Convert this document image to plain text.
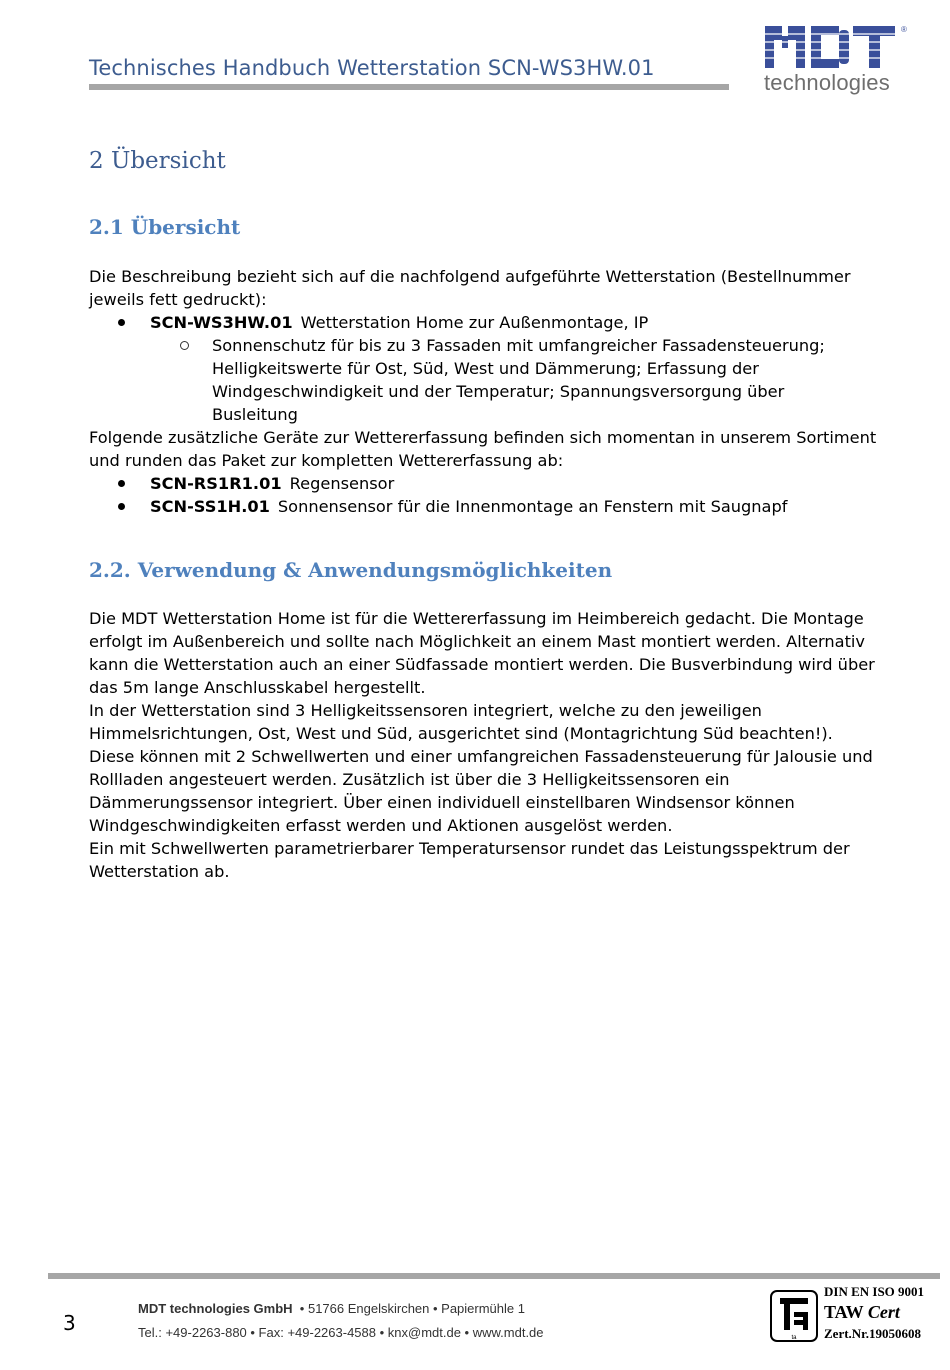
Technisches Handbuch Wetterstation SCN-WS3HW.01
®
technologies
2 Übersicht
2.1 Übersicht
Die Beschreibung bezieht sich auf die nachfolgend aufgeführte Wetterstation (Bestellnummer jeweils fett gedruckt):
SCN-WS3HW.01 Wetterstation Home zur Außenmontage, IP
Sonnenschutz für bis zu 3 Fassaden mit umfangreicher Fassadensteuerung; Helligkeitswerte für Ost, Süd, West und Dämmerung; Erfassung der Windgeschwindigkeit und der Temperatur; Spannungsversorgung über Busleitung
Folgende zusätzliche Geräte zur Wettererfassung befinden sich momentan in unserem Sortiment und runden das Paket zur kompletten Wettererfassung ab:
SCN-RS1R1.01 Regensensor
SCN-SS1H.01 Sonnensensor für die Innenmontage an Fenstern mit Saugnapf
2.2. Verwendung & Anwendungsmöglichkeiten

Die MDT Wetterstation Home ist für die Wettererfassung im Heimbereich gedacht. Die Montage erfolgt im Außenbereich und sollte nach Möglichkeit an einem Mast montiert werden. Alternativ kann die Wetterstation auch an einer Südfassade montiert werden. Die Busverbindung wird über das 5m lange Anschlusskabel hergestellt.

In der Wetterstation sind 3 Helligkeitssensoren integriert, welche zu den jeweiligen Himmelsrichtungen, Ost, West und Süd, ausgerichtet sind (Montagrichtung Süd beachten!). Diese können mit 2 Schwellwerten und einer umfangreichen Fassadensteuerung für Jalousie und Rollladen angesteuert werden. Zusätzlich ist über die 3 Helligkeitssensoren ein Dämmerungssensor integriert. Über einen individuell einstellbaren Windsensor können Windgeschwindigkeiten erfasst werden und Aktionen ausgelöst werden.

Ein mit Schwellwerten parametrierbarer Temperatursensor rundet das Leistungsspektrum der Wetterstation ab.

3
MDT technologies GmbH • 51766 Engelskirchen • Papiermühle 1
Tel.: +49-2263-880 • Fax: +49-2263-4588 • knx@mdt.de • www.mdt.de	ta
DIN EN ISO 9001
TAW Cert
Zert.Nr.19050608
